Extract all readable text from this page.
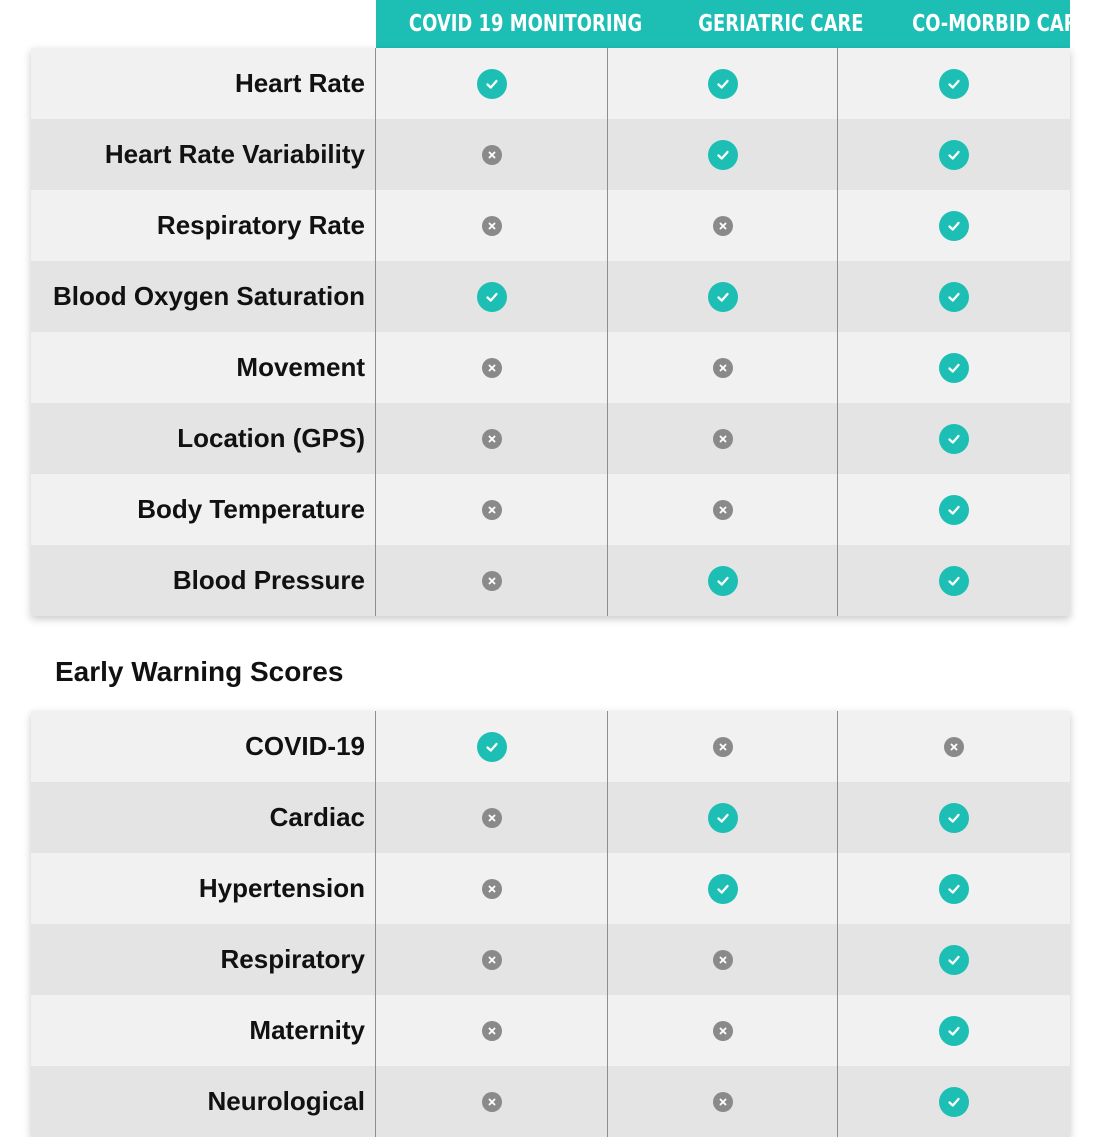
COVID 19 MONITORING GERIATRIC CARE CO-MORBID CARE
Heart Rate
Heart Rate Variability
Respiratory Rate
Blood Oxygen Saturation
Movement
Location (GPS)
Body Temperature
Blood Pressure
Early Warning Scores
COVID-19
Cardiac
Hypertension
Respiratory
Maternity
Neurological
